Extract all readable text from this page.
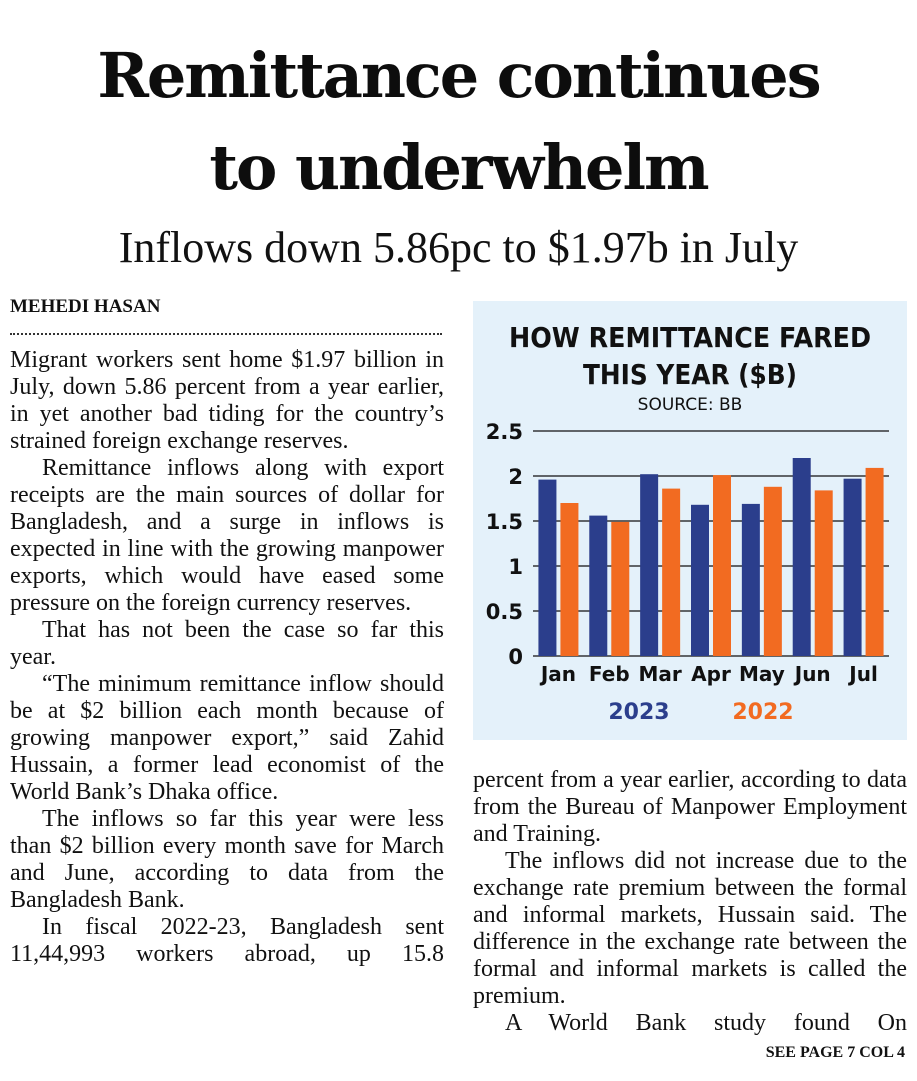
Remittance continues
to underwhelm
Inflows down 5.86pc to $1.97b in July
MEHEDI HASAN

Migrant workers sent home $1.97 billion in July, down 5.86 percent from a year earlier, in yet another bad tiding for the country’s strained foreign exchange reserves.

Remittance inflows along with export receipts are the main sources of dollar for Bangladesh, and a surge in inflows is expected in line with the growing manpower exports, which would have eased some pressure on the foreign currency reserves.

That has not been the case so far this year.

“The minimum remittance inflow should be at $2 billion each month because of growing manpower export,” said Zahid Hussain, a former lead economist of the World Bank’s Dhaka office.

The inflows so far this year were less than $2 billion every month save for March and June, according to data from the Bangladesh Bank.

In fiscal 2022-23, Bangladesh sent 11,44,993 workers abroad, up 15.8

HOW REMITTANCE FARED
THIS YEAR ($B)
SOURCE: BB
2.5
2
1.5
1
0.5
0
Jan Feb Mar Apr May Jun Jul
2023	2022

percent from a year earlier, according to data from the Bureau of Manpower Employment and Training.

The inflows did not increase due to the exchange rate premium between the formal and informal markets, Hussain said. The difference in the exchange rate between the formal and informal markets is called the premium.

A World Bank study found On

SEE PAGE 7 COL 4
